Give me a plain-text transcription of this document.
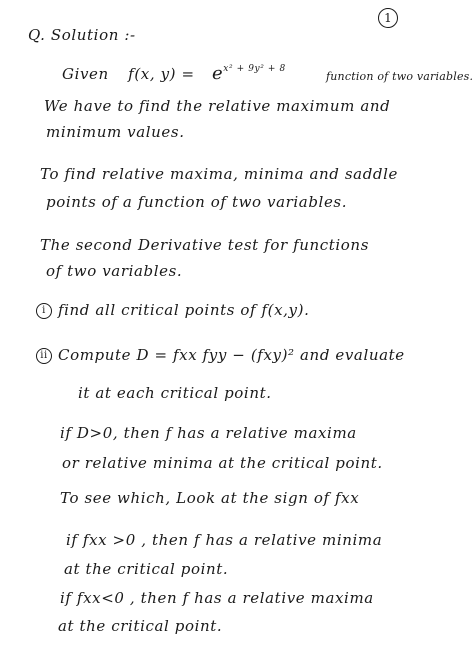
1
Q. Solution :-
Given f(x, $y) = e^{x^2 + 9y^2 + 8}$
function of two variables.
We have to find the relative maximum and
minimum values.
To find relative maxima, minima and saddle
points of a function of two variables.
The second Derivative test for functions
of two variables.
i find all critical points of f(x,y).
ii Compute D = fxx fyy − (fxy)² and evaluate
it at each critical point.
if D>0, then f has a relative maxima
or relative minima at the critical point.
To see which, Look at the sign of fxx
if fxx >0 , then f has a relative minima
at the critical point.
if fxx<0 , then f has a relative maxima
at the critical point.
